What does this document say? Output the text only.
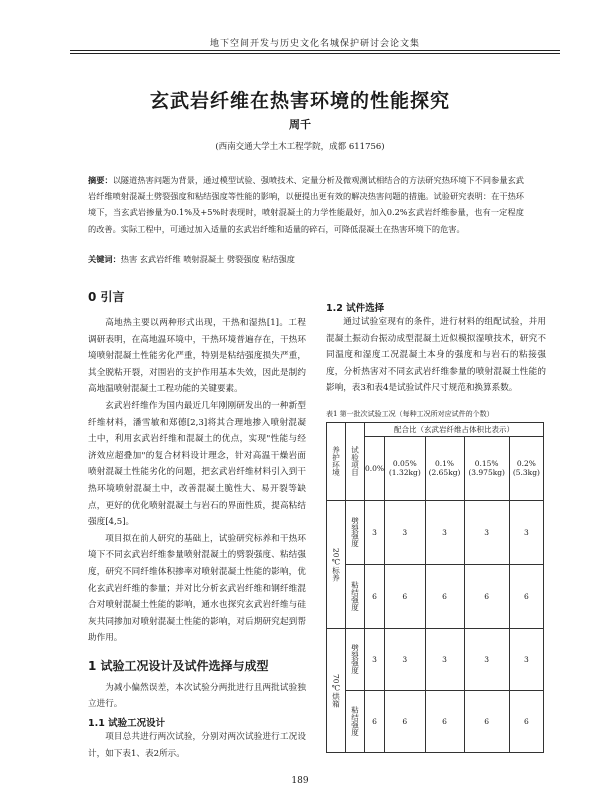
地下空间开发与历史文化名城保护研讨会论文集
玄武岩纤维在热害环境的性能探究
周千
(西南交通大学土木工程学院，成都 611756)
摘要：以隧道热害问题为背景，通过模型试验、强喷技术、定量分析及微观测试相结合的方法研究热环境下不同参量玄武岩纤维喷射混凝土劈裂强度和粘结强度等性能的影响，以便提出更有效的解决热害问题的措施。试验研究表明：在干热环境下，当玄武岩掺量为0.1%及+5%时表现时，喷射混凝土的力学性能最好，加入0.2%玄武岩纤维参量，也有一定程度的改善。实际工程中，可通过加入适量的玄武岩纤维和适量的碎石，可降低混凝土在热害环境下的危害。
关键词：热害 玄武岩纤维 喷射混凝土 劈裂强度 粘结强度
0 引言

高地热主要以两种形式出现，干热和湿热[1]。工程调研表明，在高地温环境中，干热环境普遍存在，干热环境喷射混凝土性能劣化严重，特别是粘结强度损失严重，其全脱粘开裂，对围岩的支护作用基本失效，因此是制约高地温喷射混凝土工程功能的关键要素。

玄武岩纤维作为国内最近几年刚刚研发出的一种新型纤维材料，潘雪敏和郑德[2,3]将其合理地掺入喷射混凝土中，利用玄武岩纤维和混凝土的优点，实现"性能与经济效应超叠加"的复合材料设计理念，针对高温干燥岩面喷射混凝土性能劣化的问题，把玄武岩纤维材料引入到干热环境喷射混凝土中，改善混凝土脆性大、易开裂等缺点，更好的优化喷射混凝土与岩石的界面性质，提高粘结强度[4,5]。

项目拟在前人研究的基础上，试验研究标养和干热环境下不同玄武岩纤维参量喷射混凝土的劈裂强度、粘结强度，研究不同纤维体积掺率对喷射混凝土性能的影响，优化玄武岩纤维的参量；并对比分析玄武岩纤维和钢纤维混合对喷射混凝土性能的影响，通水也探究玄武岩纤维与硅灰共同掺加对喷射混凝土性能的影响，对后期研究起到帮助作用。

1 试验工况设计及试件选择与成型

为减小偏然误差，本次试验分两批进行且两批试验独立进行。

1.1 试验工况设计

项目总共进行两次试验，分别对两次试验进行工况设计，如下表1、表2所示。

1.2 试件选择

通过试验室现有的条件，进行材料的组配试验，并用混凝土振动台振动成型混凝土近似模拟湿喷技术，研究不同温度和湿度工况混凝土本身的强度和与岩石的粘接强度，分析热害对不同玄武岩纤维参量的喷射混凝土性能的影响，表3和表4是试验试件尺寸规范和换算系数。

表1 第一批次试验工况（每种工况所对应试件的个数）
养护环境	试验项目	配合比（玄武岩纤维占体积比表示）				
		0.0%	0.05%(1.32kg)	0.1%(2.65kg)	0.15%(3.975kg)	0.2%(5.3kg)

20℃标养	劈裂强度	3	3	3	3	3

	粘结强度	6	6	6	6	6

70℃烘箱	劈裂强度	3	3	3	3	3

	粘结强度	6	6	6	6	6
189
